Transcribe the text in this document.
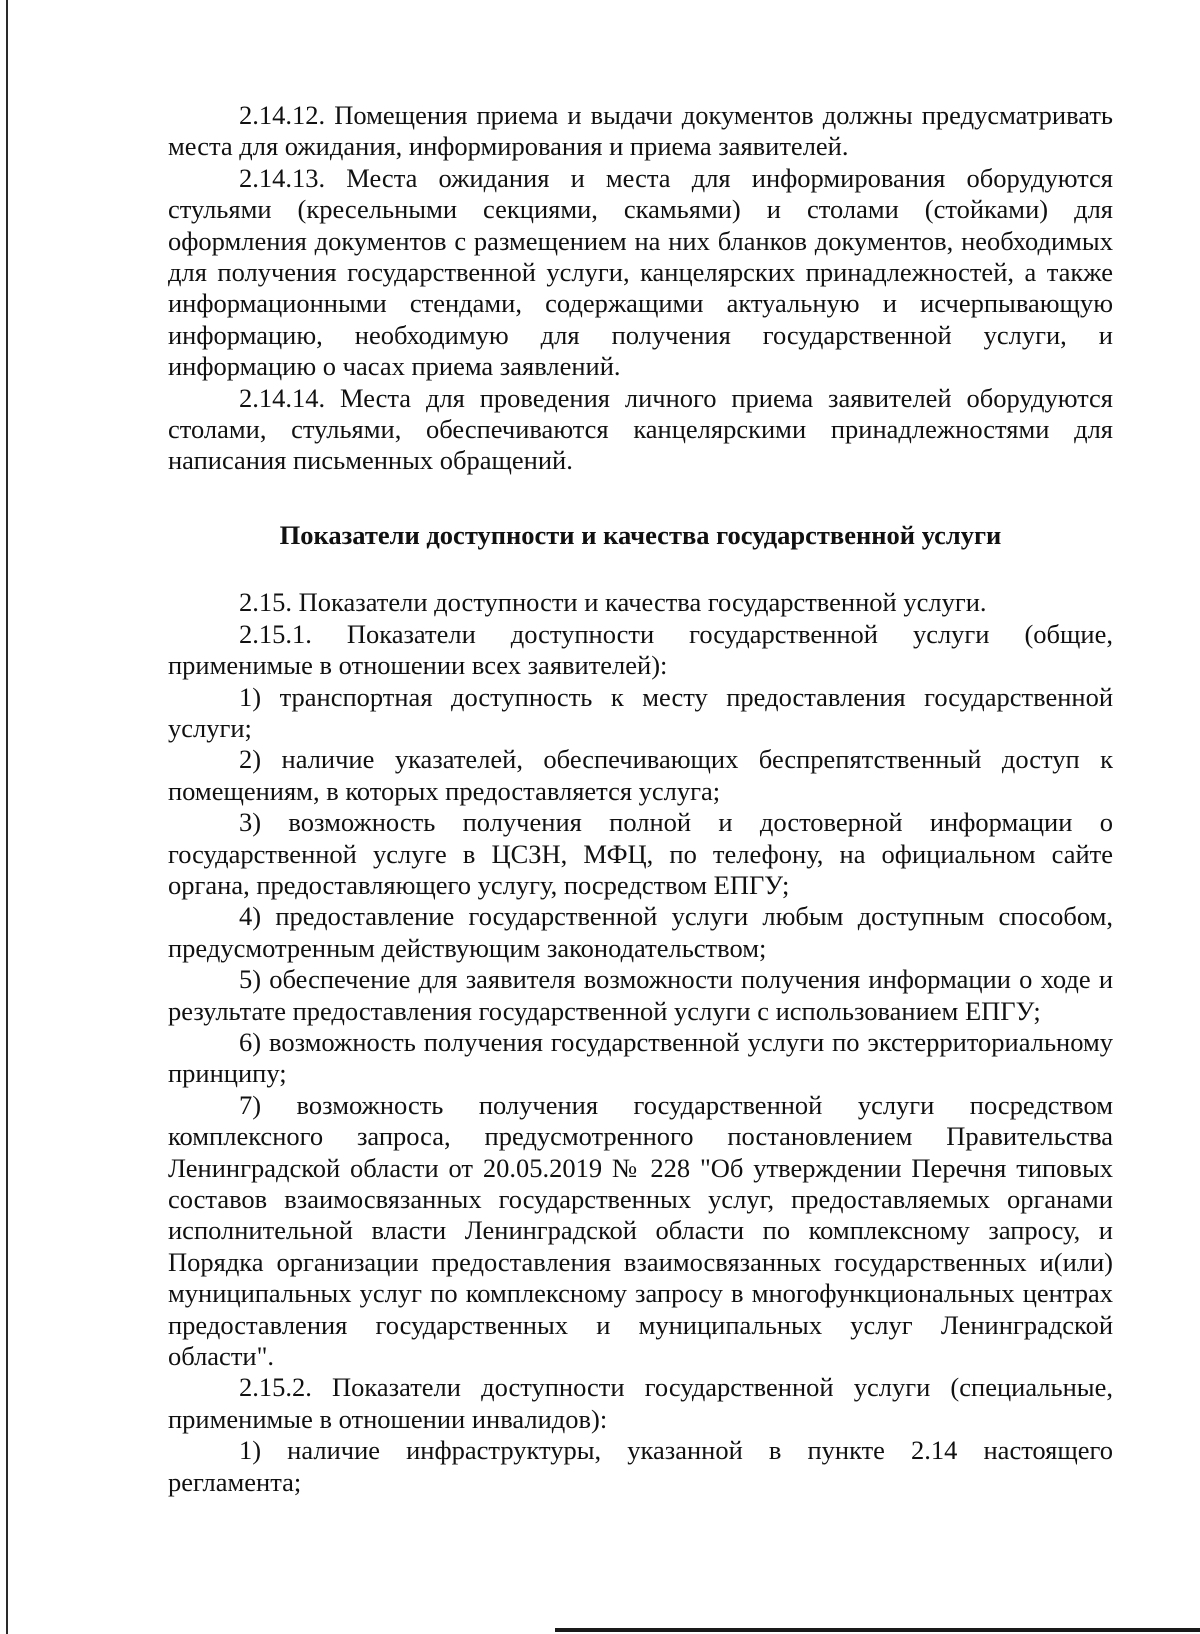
2.14.12. Помещения приема и выдачи документов должны предусматривать места для ожидания, информирования и приема заявителей.

2.14.13. Места ожидания и места для информирования оборудуются стульями (кресельными секциями, скамьями) и столами (стойками) для оформления документов с размещением на них бланков документов, необходимых для получения государственной услуги, канцелярских принадлежностей, а также информационными стендами, содержащими актуальную и исчерпывающую информацию, необходимую для получения государственной услуги, и информацию о часах приема заявлений.

2.14.14. Места для проведения личного приема заявителей оборудуются столами, стульями, обеспечиваются канцелярскими принадлежностями для написания письменных обращений.

Показатели доступности и качества государственной услуги

2.15. Показатели доступности и качества государственной услуги.

2.15.1. Показатели доступности государственной услуги (общие, применимые в отношении всех заявителей):

1) транспортная доступность к месту предоставления государственной услуги;

2) наличие указателей, обеспечивающих беспрепятственный доступ к помещениям, в которых предоставляется услуга;

3) возможность получения полной и достоверной информации о государственной услуге в ЦСЗН, МФЦ, по телефону, на официальном сайте органа, предоставляющего услугу, посредством ЕПГУ;

4) предоставление государственной услуги любым доступным способом, предусмотренным действующим законодательством;

5) обеспечение для заявителя возможности получения информации о ходе и результате предоставления государственной услуги с использованием ЕПГУ;

6) возможность получения государственной услуги по экстерриториальному принципу;

7) возможность получения государственной услуги посредством комплексного запроса, предусмотренного постановлением Правительства Ленинградской области от 20.05.2019 № 228 "Об утверждении Перечня типовых составов взаимосвязанных государственных услуг, предоставляемых органами исполнительной власти Ленинградской области по комплексному запросу, и Порядка организации предоставления взаимосвязанных государственных и(или) муниципальных услуг по комплексному запросу в многофункциональных центрах предоставления государственных и муниципальных услуг Ленинградской области".

2.15.2. Показатели доступности государственной услуги (специальные, применимые в отношении инвалидов):

1) наличие инфраструктуры, указанной в пункте 2.14 настоящего регламента;
